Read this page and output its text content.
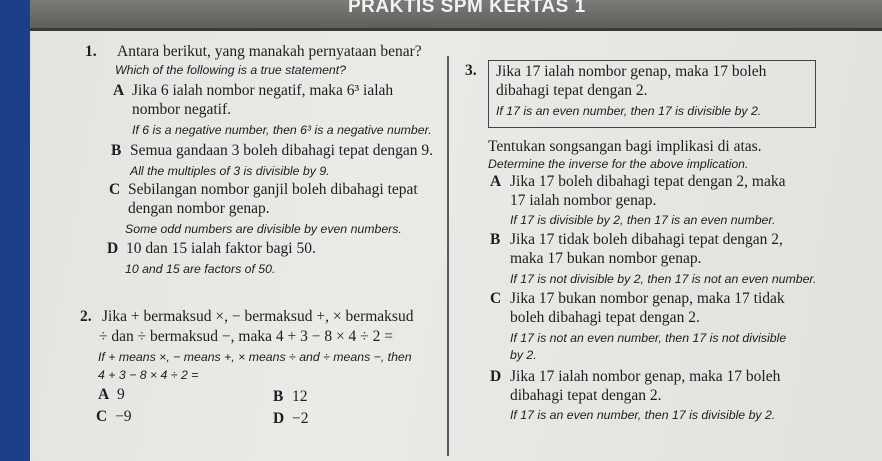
PRAKTIS SPM KERTAS 1
1. Antara berikut, yang manakah pernyataan benar?
Which of the following is a true statement?
A Jika 6 ialah nombor negatif, maka 6³ ialah
nombor negatif.
If 6 is a negative number, then 6³ is a negative number.
B Semua gandaan 3 boleh dibahagi tepat dengan 9.
All the multiples of 3 is divisible by 9.
C Sebilangan nombor ganjil boleh dibahagi tepat
dengan nombor genap.
Some odd numbers are divisible by even numbers.
D 10 dan 15 ialah faktor bagi 50.
10 and 15 are factors of 50.
2. Jika + bermaksud ×, − bermaksud +, × bermaksud
÷ dan ÷ bermaksud −, maka 4 + 3 − 8 × 4 ÷ 2 =
If + means ×, − means +, × means ÷ and ÷ means −, then
4 + 3 − 8 × 4 ÷ 2 =
A 9	B 12
C −9	D −2
3. Jika 17 ialah nombor genap, maka 17 boleh
dibahagi tepat dengan 2.
If 17 is an even number, then 17 is divisible by 2.
Tentukan songsangan bagi implikasi di atas.
Determine the inverse for the above implication.
A Jika 17 boleh dibahagi tepat dengan 2, maka
17 ialah nombor genap.
If 17 is divisible by 2, then 17 is an even number.
B Jika 17 tidak boleh dibahagi tepat dengan 2,
maka 17 bukan nombor genap.
If 17 is not divisible by 2, then 17 is not an even number.
C Jika 17 bukan nombor genap, maka 17 tidak
boleh dibahagi tepat dengan 2.
If 17 is not an even number, then 17 is not divisible
by 2.
D Jika 17 ialah nombor genap, maka 17 boleh
dibahagi tepat dengan 2.
If 17 is an even number, then 17 is divisible by 2.
